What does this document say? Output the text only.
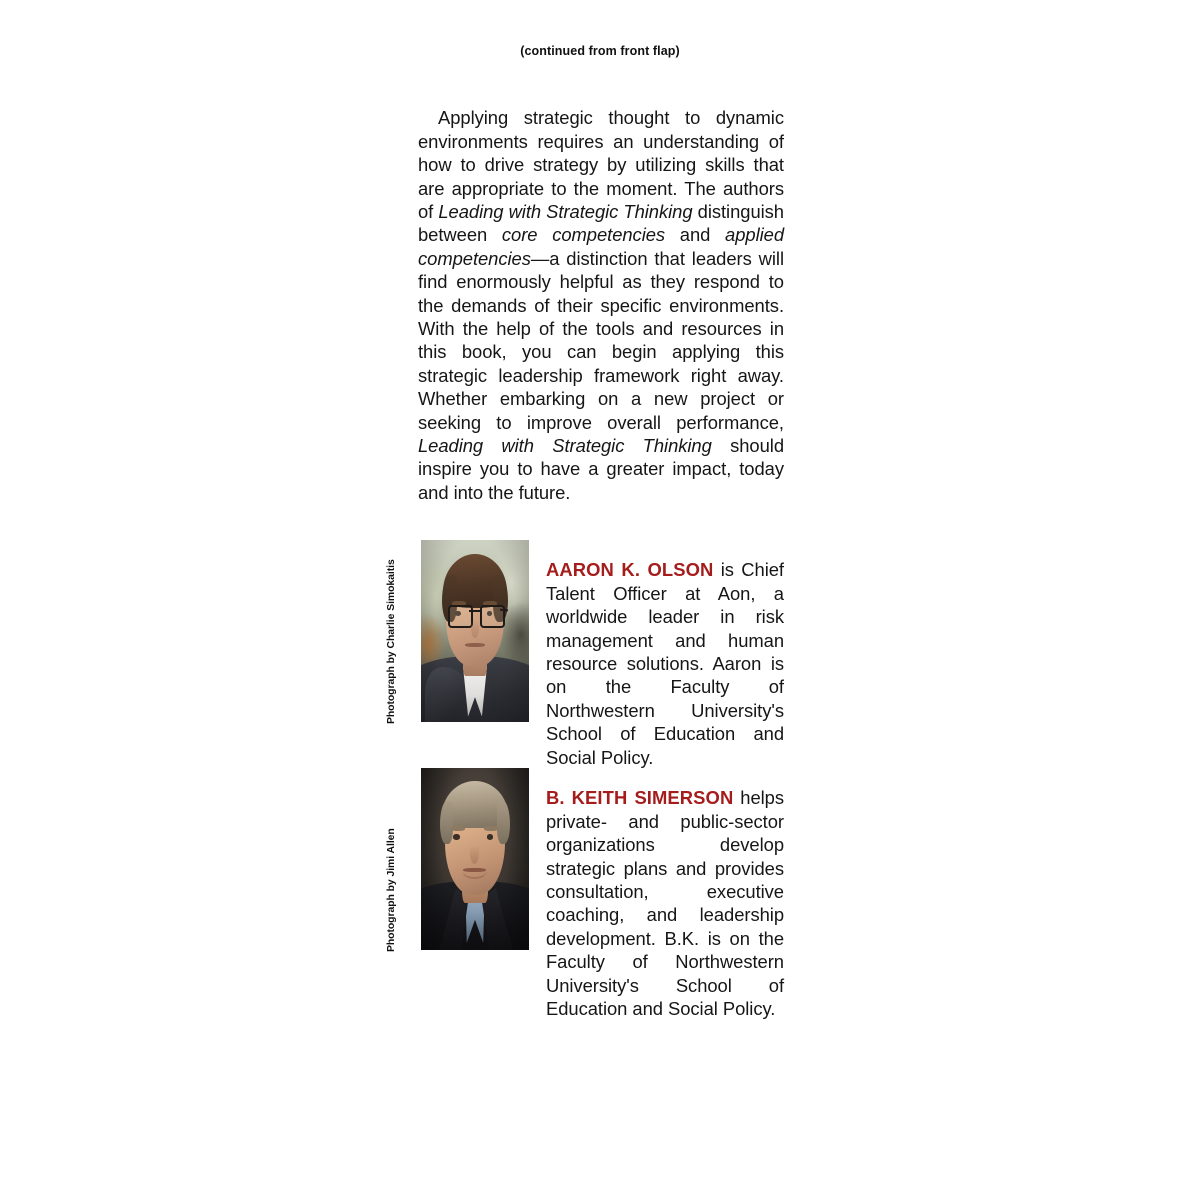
(continued from front flap)

Applying strategic thought to dynamic environments requires an understanding of how to drive strategy by utilizing skills that are appropriate to the moment. The authors of Leading with Strategic Thinking distinguish between core competencies and applied competencies—a distinction that leaders will find enormously helpful as they respond to the demands of their specific environments. With the help of the tools and resources in this book, you can begin applying this strategic leadership framework right away. Whether embarking on a new project or seeking to improve overall performance, Leading with Strategic Thinking should inspire you to have a greater impact, today and into the future.

Photograph by Charlie Simokaitis	AARON K. OLSON is Chief Talent Officer at Aon, a worldwide leader in risk management and human resource solutions. Aaron is on the Faculty of Northwestern University's School of Education and Social Policy.

Photograph by Jimi Allen

B. KEITH SIMERSON helps private- and public-sector organizations develop strategic plans and provides consultation, executive coaching, and leadership development. B.K. is on the Faculty of Northwestern University's School of Education and Social Policy.
